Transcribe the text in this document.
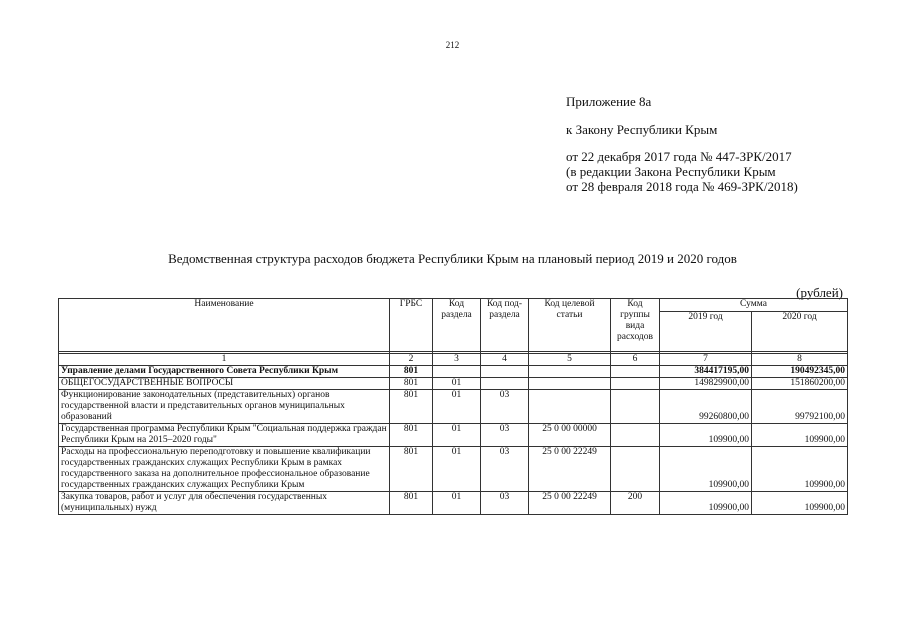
212
Приложение 8а
к Закону Республики Крым
от 22 декабря 2017 года № 447-ЗРК/2017
(в редакции Закона Республики Крым
от 28 февраля 2018 года № 469-ЗРК/2018)
Ведомственная структура расходов бюджета Республики Крым на плановый период 2019 и 2020 годов
(рублей)
Наименование	ГРБС	Код раздела	Код под-раздела	Код целевой статьи	Код группы вида расходов	Сумма	
						2019 год	2020 год

1	2	3	4	5	6	7	8
Управление делами Государственного Совета Республики Крым	801					384417195,00	190492345,00
ОБЩЕГОСУДАРСТВЕННЫЕ ВОПРОСЫ	801	01				149829900,00	151860200,00
Функционирование законодательных (представительных) органов государственной власти и представительных органов муниципальных образований	801	01	03			99260800,00	99792100,00
Государственная программа Республики Крым "Социальная поддержка граждан Республики Крым на 2015–2020 годы"	801	01	03	25 0 00 00000		109900,00	109900,00
Расходы на профессиональную переподготовку и повышение квалификации государственных гражданских служащих Республики Крым в рамках государственного заказа на дополнительное профессиональное образование государственных гражданских служащих Республики Крым	801	01	03	25 0 00 22249		109900,00	109900,00
Закупка товаров, работ и услуг для обеспечения государственных (муниципальных) нужд	801	01	03	25 0 00 22249	200	109900,00	109900,00
